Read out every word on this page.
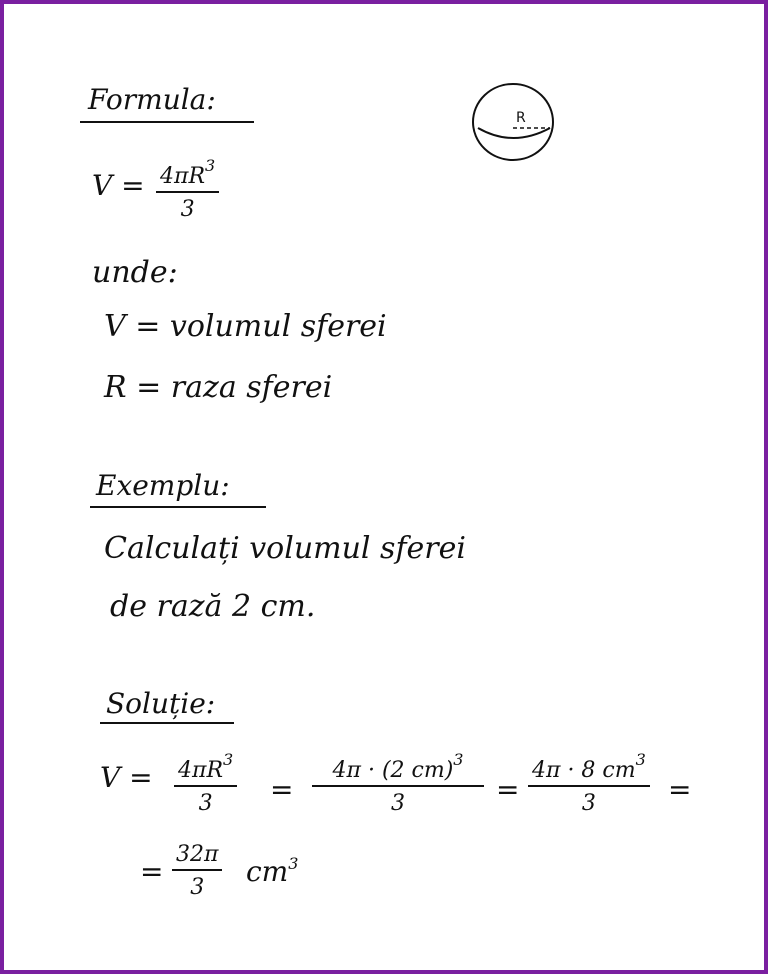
Formula:
R
$V = 4\pi R^3$
3
unde:
V = volumul sferei
R = raza sferei
Exemplu:
Calculați volumul sferei
de rază 2 cm.
Soluție:
$V = 4\pi R^3$
3 =
4π · (2 cm)$^3$
3	=
4π · 8 $cm^3$
3	=
=
32π
3 $cm^3$
